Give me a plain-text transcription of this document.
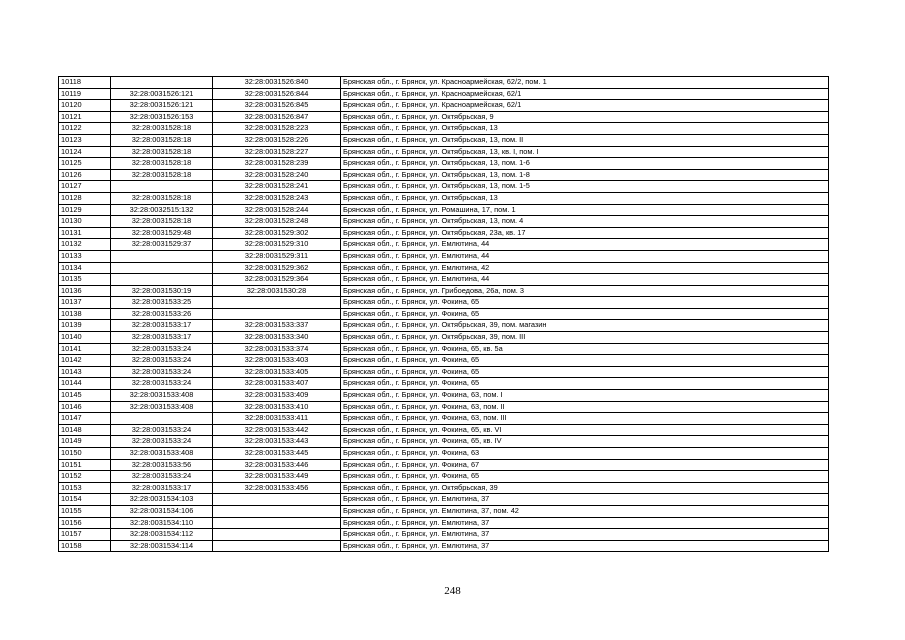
10118		32:28:0031526:840	Брянская обл., г. Брянск, ул. Красноармейская, 62/2, пом. 1
10119	32:28:0031526:121	32:28:0031526:844	Брянская обл., г. Брянск, ул. Красноармейская, 62/1
10120	32:28:0031526:121	32:28:0031526:845	Брянская обл., г. Брянск, ул. Красноармейская, 62/1
10121	32:28:0031526:153	32:28:0031526:847	Брянская обл., г. Брянск, ул. Октябрьская, 9
10122	32:28:0031528:18	32:28:0031528:223	Брянская обл., г. Брянск, ул. Октябрьская, 13
10123	32:28:0031528:18	32:28:0031528:226	Брянская обл., г. Брянск, ул. Октябрьская, 13, пом. II
10124	32:28:0031528:18	32:28:0031528:227	Брянская обл., г. Брянск, ул. Октябрьская, 13, кв. I, пом. I
10125	32:28:0031528:18	32:28:0031528:239	Брянская обл., г. Брянск, ул. Октябрьская, 13, пом. 1-6
10126	32:28:0031528:18	32:28:0031528:240	Брянская обл., г. Брянск, ул. Октябрьская, 13, пом. 1-8
10127		32:28:0031528:241	Брянская обл., г. Брянск, ул. Октябрьская, 13, пом. 1-5
10128	32:28:0031528:18	32:28:0031528:243	Брянская обл., г. Брянск, ул. Октябрьская, 13
10129	32:28:0032515:132	32:28:0031528:244	Брянская обл., г. Брянск, ул. Ромашина, 17, пом. 1
10130	32:28:0031528:18	32:28:0031528:248	Брянская обл., г. Брянск, ул. Октябрьская, 13, пом. 4
10131	32:28:0031529:48	32:28:0031529:302	Брянская обл., г. Брянск, ул. Октябрьская, 23а, кв. 17
10132	32:28:0031529:37	32:28:0031529:310	Брянская обл., г. Брянск, ул. Емлютина, 44
10133		32:28:0031529:311	Брянская обл., г. Брянск, ул. Емлютина, 44
10134		32:28:0031529:362	Брянская обл., г. Брянск, ул. Емлютина, 42
10135		32:28:0031529:364	Брянская обл., г. Брянск, ул. Емлютина, 44
10136	32:28:0031530:19	32:28:0031530:28	Брянская обл., г. Брянск, ул. Грибоедова, 26а, пом. 3
10137	32:28:0031533:25		Брянская обл., г. Брянск, ул. Фокина, 65
10138	32:28:0031533:26		Брянская обл., г. Брянск, ул. Фокина, 65
10139	32:28:0031533:17	32:28:0031533:337	Брянская обл., г. Брянск, ул. Октябрьская, 39, пом. магазин
10140	32:28:0031533:17	32:28:0031533:340	Брянская обл., г. Брянск, ул. Октябрьская, 39, пом. III
10141	32:28:0031533:24	32:28:0031533:374	Брянская обл., г. Брянск, ул. Фокина, 65, кв. 5а
10142	32:28:0031533:24	32:28:0031533:403	Брянская обл., г. Брянск, ул. Фокина, 65
10143	32:28:0031533:24	32:28:0031533:405	Брянская обл., г. Брянск, ул. Фокина, 65
10144	32:28:0031533:24	32:28:0031533:407	Брянская обл., г. Брянск, ул. Фокина, 65
10145	32:28:0031533:408	32:28:0031533:409	Брянская обл., г. Брянск, ул. Фокина, 63, пом. I
10146	32:28:0031533:408	32:28:0031533:410	Брянская обл., г. Брянск, ул. Фокина, 63, пом. II
10147		32:28:0031533:411	Брянская обл., г. Брянск, ул. Фокина, 63, пом. III
10148	32:28:0031533:24	32:28:0031533:442	Брянская обл., г. Брянск, ул. Фокина, 65, кв. VI
10149	32:28:0031533:24	32:28:0031533:443	Брянская обл., г. Брянск, ул. Фокина, 65, кв. IV
10150	32:28:0031533:408	32:28:0031533:445	Брянская обл., г. Брянск, ул. Фокина, 63
10151	32:28:0031533:56	32:28:0031533:446	Брянская обл., г. Брянск, ул. Фокина, 67
10152	32:28:0031533:24	32:28:0031533:449	Брянская обл., г. Брянск, ул. Фокина, 65
10153	32:28:0031533:17	32:28:0031533:456	Брянская обл., г. Брянск, ул. Октябрьская, 39
10154	32:28:0031534:103		Брянская обл., г. Брянск, ул. Емлютина, 37
10155	32:28:0031534:106		Брянская обл., г. Брянск, ул. Емлютина, 37, пом. 42
10156	32:28:0031534:110		Брянская обл., г. Брянск, ул. Емлютина, 37
10157	32:28:0031534:112		Брянская обл., г. Брянск, ул. Емлютина, 37
10158	32:28:0031534:114		Брянская обл., г. Брянск, ул. Емлютина, 37
248
